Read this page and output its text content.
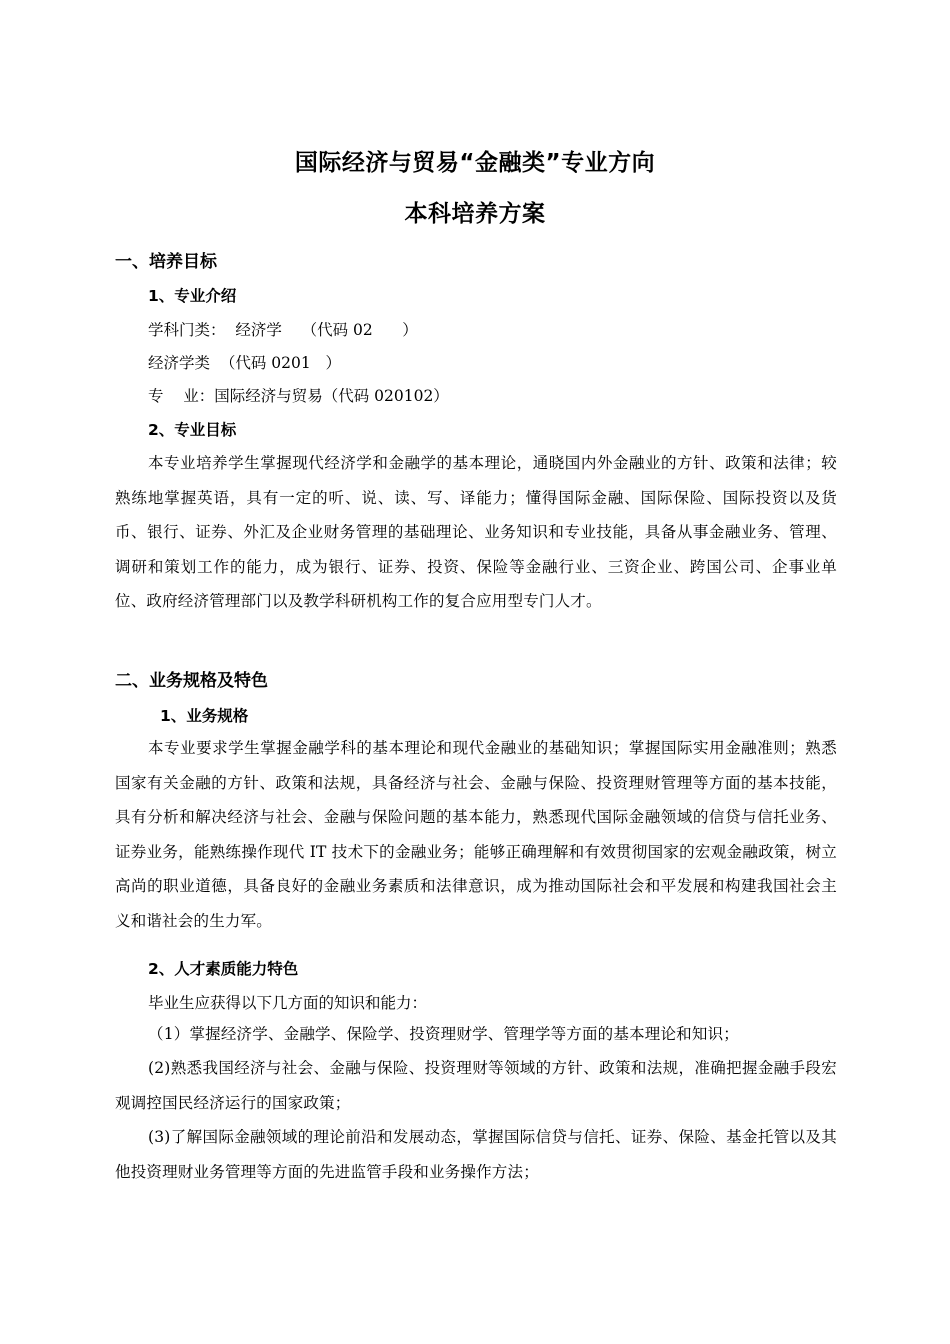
国际经济与贸易“金融类”专业方向
本科培养方案
一、培养目标
1、专业介绍
学科门类：  经济学    （代码 02      ）
经济学类  （代码 0201   ）
专    业：国际经济与贸易（代码 020102）
2、专业目标
本专业培养学生掌握现代经济学和金融学的基本理论，通晓国内外金融业的方针、政策和法律；较熟练地掌握英语，具有一定的听、说、读、写、译能力；懂得国际金融、国际保险、国际投资以及货币、银行、证券、外汇及企业财务管理的基础理论、业务知识和专业技能，具备从事金融业务、管理、调研和策划工作的能力，成为银行、证券、投资、保险等金融行业、三资企业、跨国公司、企事业单位、政府经济管理部门以及教学科研机构工作的复合应用型专门人才。
二、业务规格及特色
1、业务规格
本专业要求学生掌握金融学科的基本理论和现代金融业的基础知识；掌握国际实用金融准则；熟悉国家有关金融的方针、政策和法规，具备经济与社会、金融与保险、投资理财管理等方面的基本技能，具有分析和解决经济与社会、金融与保险问题的基本能力，熟悉现代国际金融领域的信贷与信托业务、证券业务，能熟练操作现代 IT 技术下的金融业务；能够正确理解和有效贯彻国家的宏观金融政策，树立高尚的职业道德，具备良好的金融业务素质和法律意识，成为推动国际社会和平发展和构建我国社会主义和谐社会的生力军。
2、人才素质能力特色
毕业生应获得以下几方面的知识和能力：
（1）掌握经济学、金融学、保险学、投资理财学、管理学等方面的基本理论和知识；
(2)熟悉我国经济与社会、金融与保险、投资理财等领域的方针、政策和法规，准确把握金融手段宏观调控国民经济运行的国家政策；
(3)了解国际金融领域的理论前沿和发展动态，掌握国际信贷与信托、证券、保险、基金托管以及其他投资理财业务管理等方面的先进监管手段和业务操作方法；
